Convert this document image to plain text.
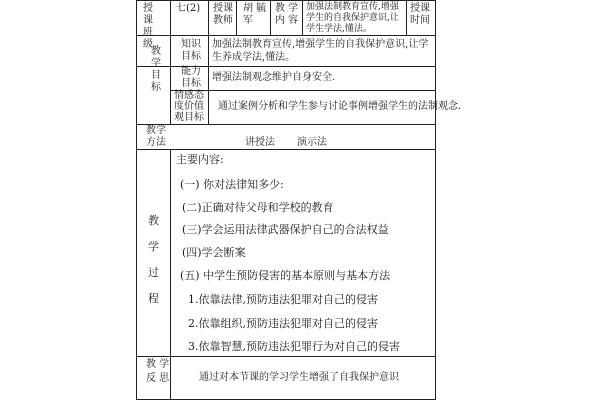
授 课 班 级
七(2) 授课 教师
胡 毓 军
教 学 内 容
加强法制教育宣传,增强学生的自我保护意识,让学生学法,懂法。
授课 时间
教 学 目 标
知识 目标
加强法制教育宣传,增强学生的自我保护意识,让学生养成学法,懂法。
能力 目标
增强法制观念维护自身安全.
情感态 度价值 观目标
通过案例分析和学生参与讨论事例增强学生的法制观念.
教学 方法	讲授法 演示法
教 学 过 程
主要内容:
(一) 你对法律知多少:
(二)正确对待父母和学校的教育
(三)学会运用法律武器保护自己的合法权益
(四)学会断案
(五) 中学生预防侵害的基本原则与基本方法
1.依靠法律,预防违法犯罪对自己的侵害
2.依靠组织,预防违法犯罪对自己的侵害
3.依靠智慧,预防违法犯罪行为对自己的侵害
教 学 反 思	通过对本节课的学习学生增强了自我保护意识
